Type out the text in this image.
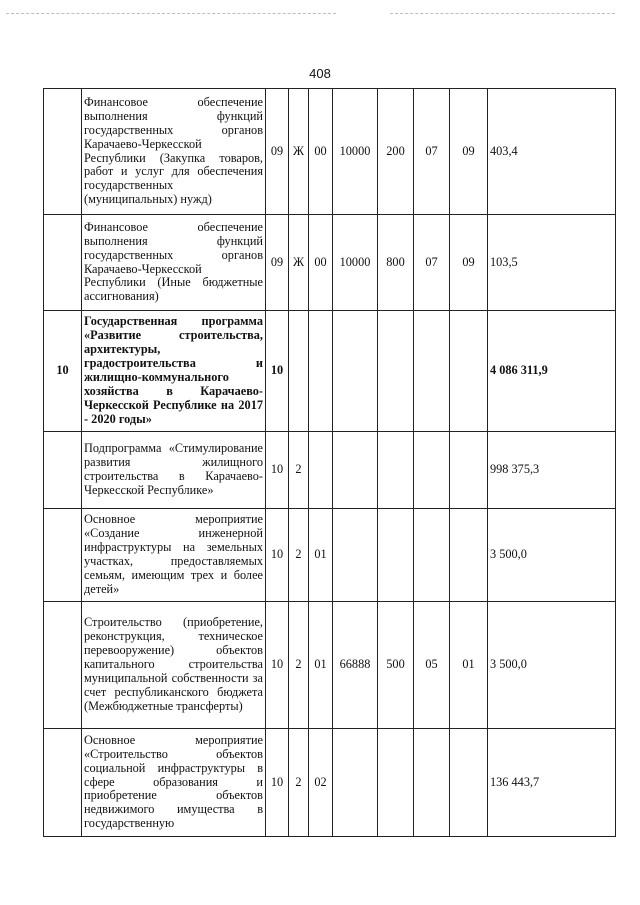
408
	Финансовое обеспечение выполнения функций государственных органов Карачаево-Черкесской Республики (Закупка товаров, работ и услуг для обеспечения государственных (муниципальных) нужд)	09	Ж	00	10000	200	07	09	403,4
	Финансовое обеспечение выполнения функций государственных органов Карачаево-Черкесской Республики (Иные бюджетные ассигнования)	09	Ж	00	10000	800	07	09	103,5
10	Государственная программа «Развитие строительства, архитектуры, градостроительства и жилищно-коммунального хозяйства в Карачаево-Черкесской Республике на 2017 - 2020 годы»	10							4 086 311,9
	Подпрограмма «Стимулирование развития жилищного строительства в Карачаево-Черкесской Республике»	10	2						998 375,3
	Основное мероприятие «Создание инженерной инфраструктуры на земельных участках, предоставляемых семьям, имеющим трех и более детей»	10	2	01					3 500,0
	Строительство (приобретение, реконструкция, техническое перевооружение) объектов капитального строительства муниципальной собственности за счет республиканского бюджета (Межбюджетные трансферты)	10	2	01	66888	500	05	01	3 500,0
	Основное мероприятие «Строительство объектов социальной инфраструктуры в сфере образования и приобретение объектов недвижимого имущества в государственную	10	2	02					136 443,7
